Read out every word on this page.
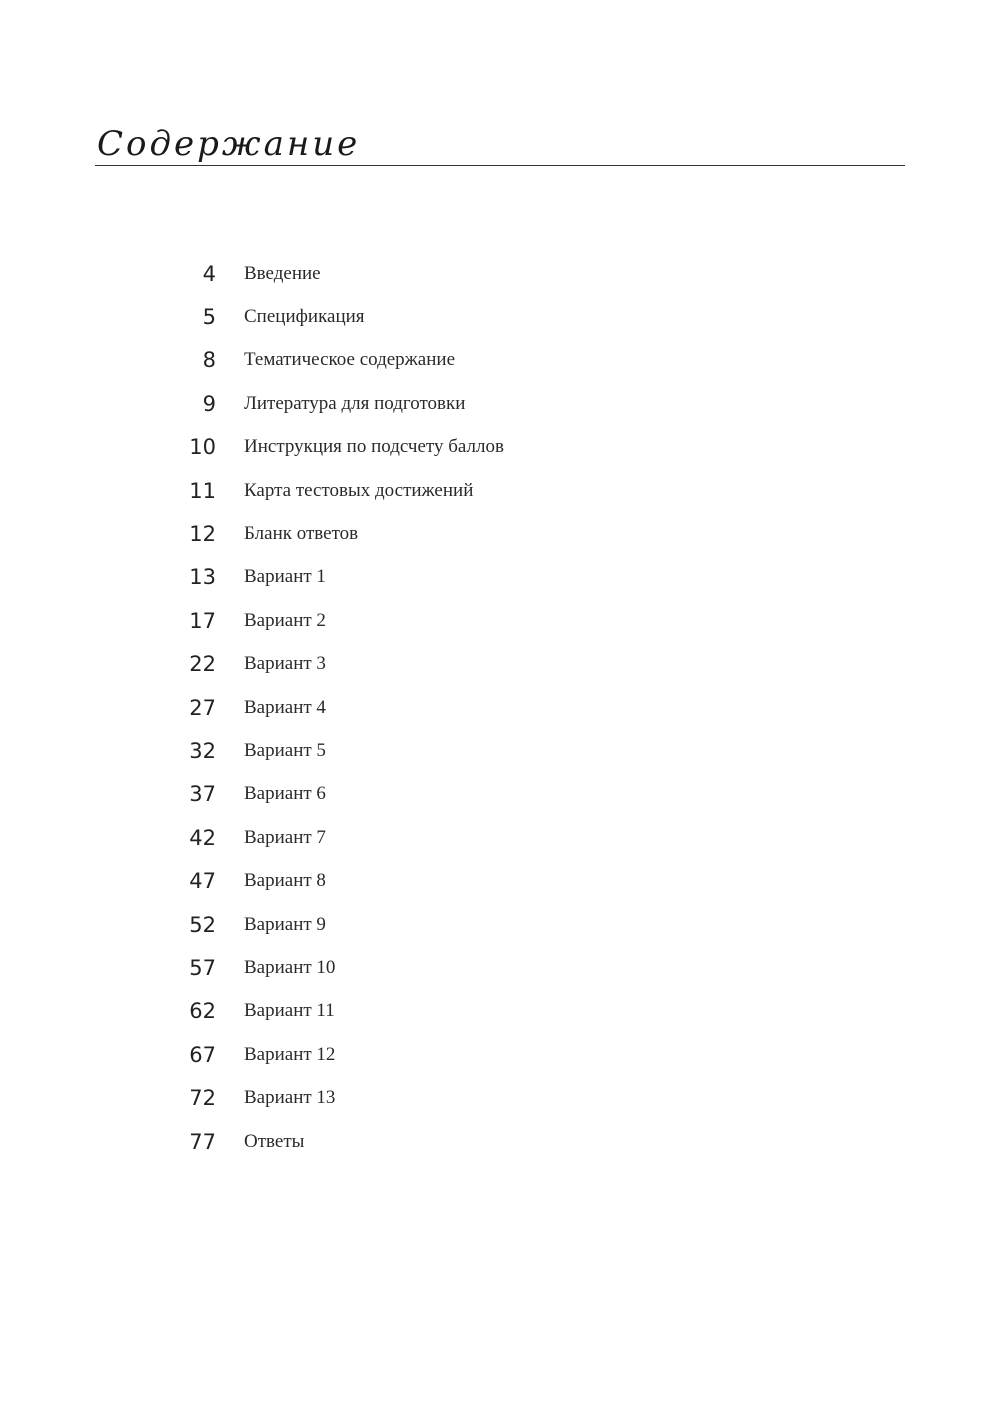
Содержание
4 Введение
5 Спецификация
8 Тематическое содержание
9 Литература для подготовки
10 Инструкция по подсчету баллов
11 Карта тестовых достижений
12 Бланк ответов
13 Вариант 1
17 Вариант 2
22 Вариант 3
27 Вариант 4
32 Вариант 5
37 Вариант 6
42 Вариант 7
47 Вариант 8
52 Вариант 9
57 Вариант 10
62 Вариант 11
67 Вариант 12
72 Вариант 13
77 Ответы
